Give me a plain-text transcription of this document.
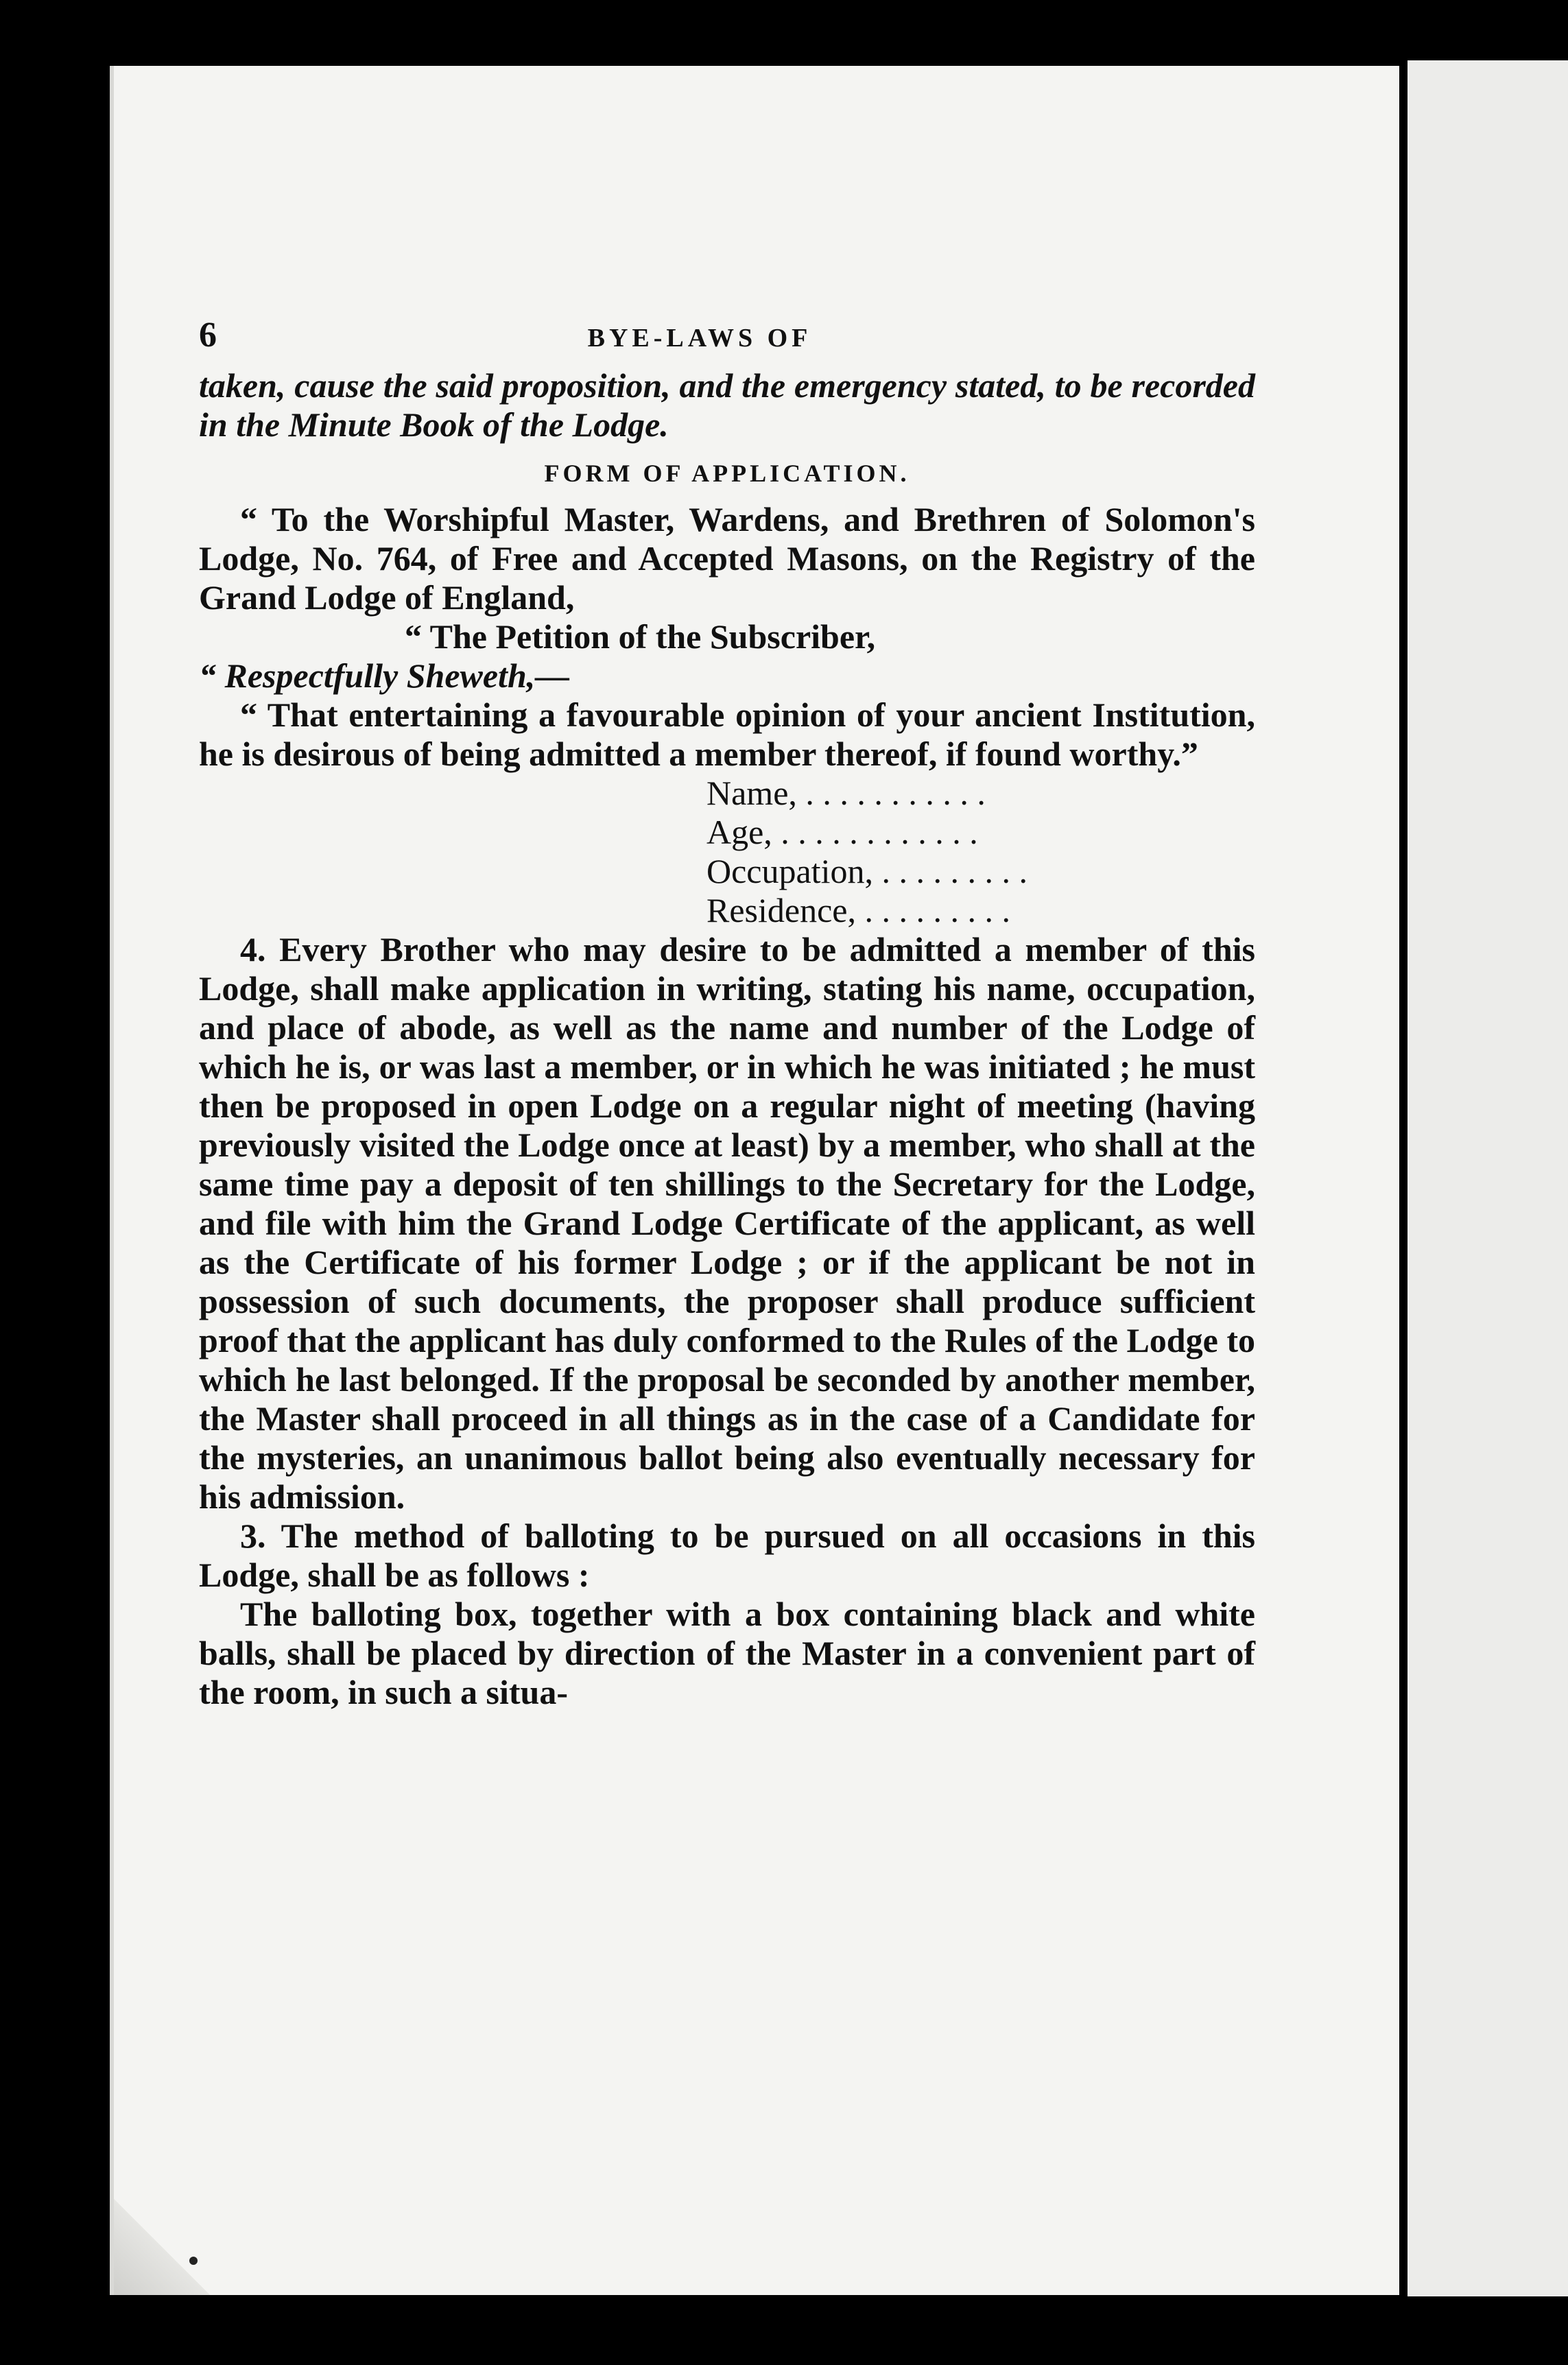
6	BYE-LAWS OF

taken, cause the said proposition, and the emergency stated, to be recorded in the Minute Book of the Lodge.

FORM OF APPLICATION.

“ To the Worshipful Master, Wardens, and Brethren of Solomon's Lodge, No. 764, of Free and Accepted Masons, on the Registry of the Grand Lodge of England,

“ The Petition of the Subscriber,

“ Respectfully Sheweth,—

“ That entertaining a favourable opinion of your ancient Institution, he is desirous of being admitted a member thereof, if found worthy.”

Name, . . . . . . . . . . .
Age, . . . . . . . . . . . .
Occupation, . . . . . . . . .
Residence, . . . . . . . . .

4. Every Brother who may desire to be admitted a member of this Lodge, shall make application in writing, stating his name, occupation, and place of abode, as well as the name and number of the Lodge of which he is, or was last a member, or in which he was initiated ; he must then be proposed in open Lodge on a regular night of meeting (having previously visited the Lodge once at least) by a member, who shall at the same time pay a deposit of ten shillings to the Secretary for the Lodge, and file with him the Grand Lodge Certificate of the applicant, as well as the Certificate of his former Lodge ; or if the applicant be not in possession of such documents, the proposer shall produce sufficient proof that the applicant has duly conformed to the Rules of the Lodge to which he last belonged. If the proposal be seconded by another member, the Master shall proceed in all things as in the case of a Candidate for the mysteries, an unanimous ballot being also eventually necessary for his admission.

3. The method of balloting to be pursued on all occasions in this Lodge, shall be as follows :

The balloting box, together with a box containing black and white balls, shall be placed by direction of the Master in a convenient part of the room, in such a situa-
